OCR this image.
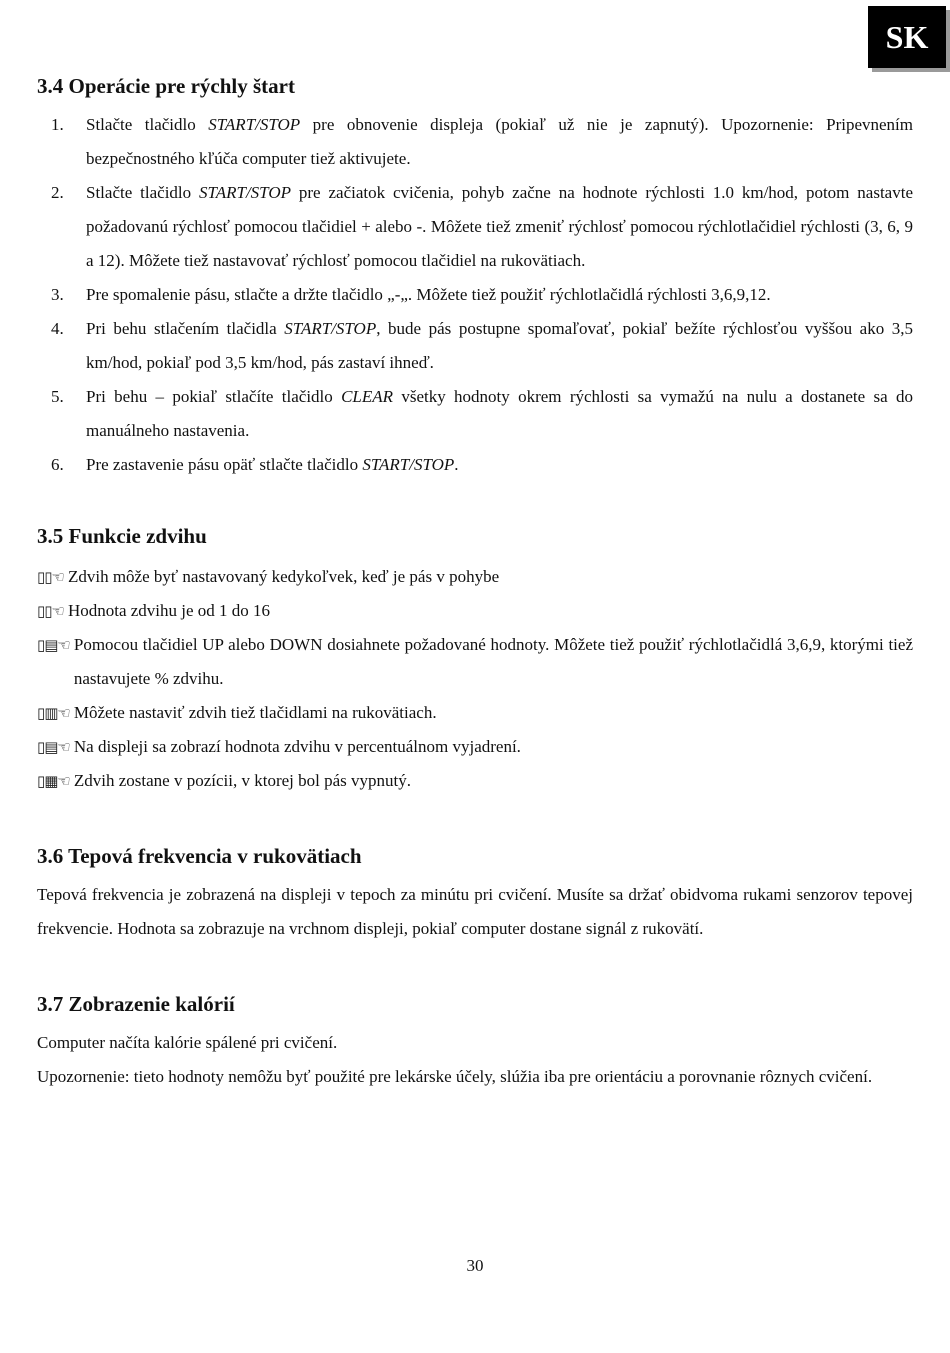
SK
3.4 Operácie pre rýchly štart
1. Stlačte tlačidlo START/STOP pre obnovenie displeja (pokiaľ už nie je zapnutý). Upozornenie: Pripevnením bezpečnostného kľúča computer tiež aktivujete.
2. Stlačte tlačidlo START/STOP pre začiatok cvičenia, pohyb začne na hodnote rýchlosti 1.0 km/hod, potom nastavte požadovanú rýchlosť pomocou tlačidiel + alebo -. Môžete tiež zmeniť rýchlosť pomocou rýchlotlačidiel rýchlosti (3, 6, 9 a 12). Môžete tiež nastavovať rýchlosť pomocou tlačidiel na rukovätiach.
3. Pre spomalenie pásu, stlačte a držte tlačidlo „-„. Môžete tiež použiť rýchlotlačidlá rýchlosti 3,6,9,12.
4. Pri behu stlačením tlačidla START/STOP, bude pás postupne spomaľovať, pokiaľ bežíte rýchlosťou vyššou ako 3,5 km/hod, pokiaľ pod 3,5 km/hod, pás zastaví ihneď.
5. Pri behu – pokiaľ stlačíte tlačidlo CLEAR všetky hodnoty okrem rýchlosti sa vymažú na nulu a dostanete sa do manuálneho nastavenia.
6. Pre zastavenie pásu opäť stlačte tlačidlo START/STOP.
3.5 Funkcie zdvihu
▯▯☜ Zdvih môže byť nastavovaný kedykoľvek, keď je pás v pohybe
▯▯☜ Hodnota zdvihu je od 1 do 16
▯▤☜ Pomocou tlačidiel UP alebo DOWN dosiahnete požadované hodnoty. Môžete tiež použiť rýchlotlačidlá 3,6,9, ktorými tiež nastavujete % zdvihu.
▯▥☜ Môžete nastaviť zdvih tiež tlačidlami na rukovätiach.
▯▤☜ Na displeji sa zobrazí hodnota zdvihu v percentuálnom vyjadrení.
▯▦☜ Zdvih zostane v pozícii, v ktorej bol pás vypnutý.
3.6 Tepová frekvencia v rukovätiach
Tepová frekvencia je zobrazená na displeji v tepoch za minútu pri cvičení. Musíte sa držať obidvoma rukami senzorov tepovej frekvencie. Hodnota sa zobrazuje na vrchnom displeji, pokiaľ computer dostane signál z rukovätí.
3.7 Zobrazenie kalórií
Computer načíta kalórie spálené pri cvičení.
Upozornenie: tieto hodnoty nemôžu byť použité pre lekárske účely, slúžia iba pre orientáciu a porovnanie rôznych cvičení.
30
